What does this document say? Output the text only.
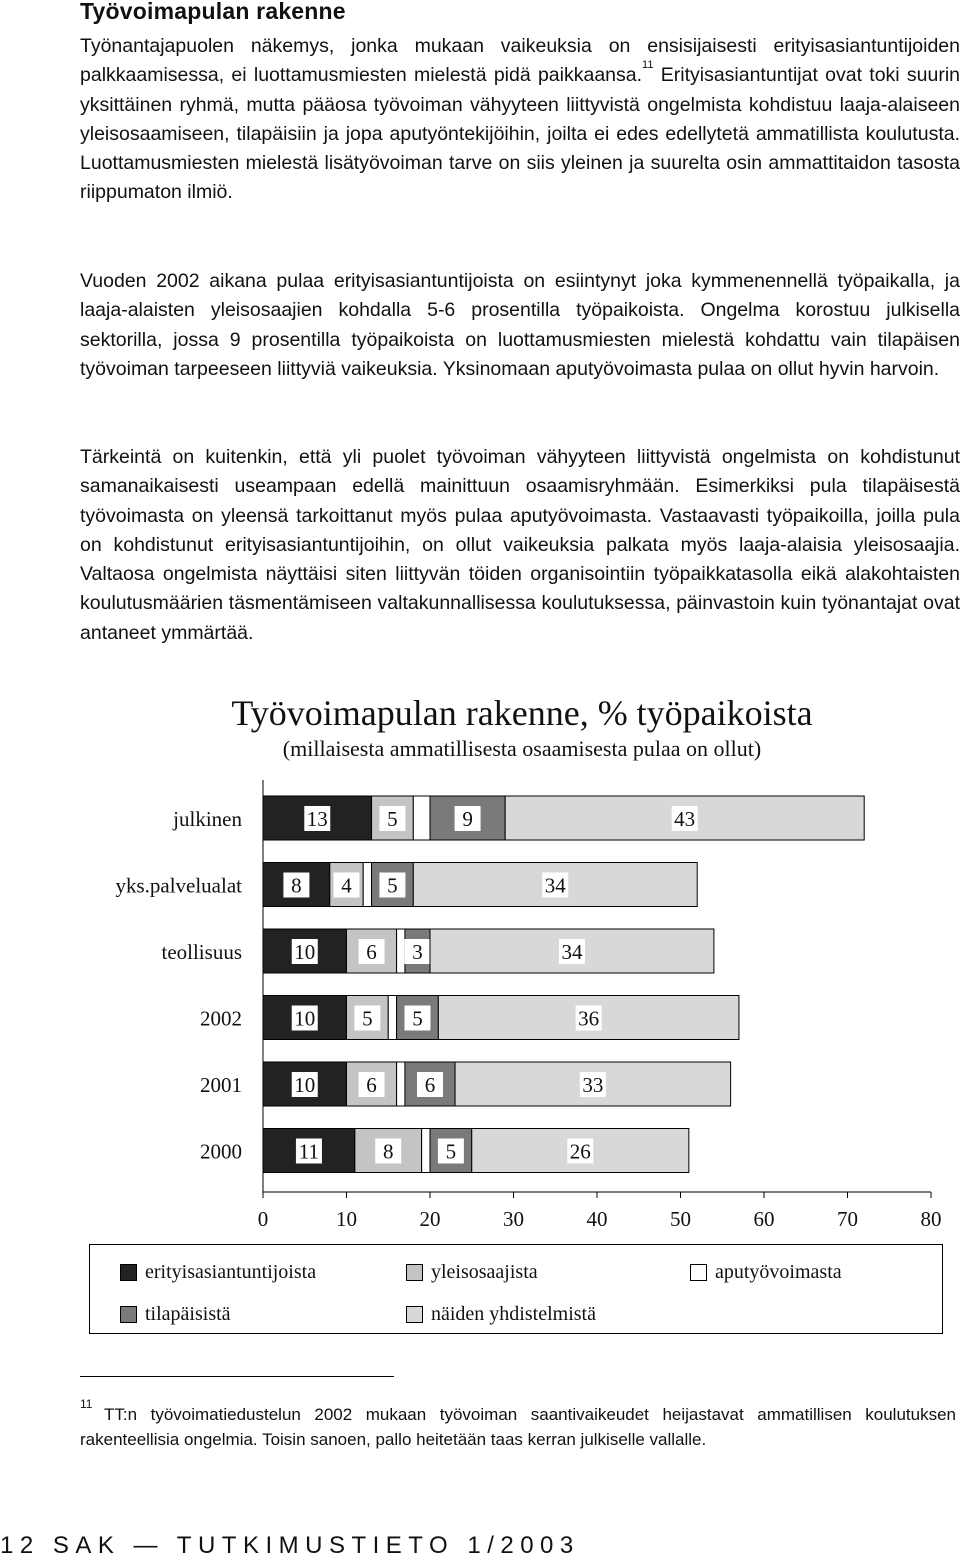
Työvoimapulan rakenne
Työnantajapuolen näkemys, jonka mukaan vaikeuksia on ensisijaisesti erityisasiantuntijoiden palkkaamisessa, ei luottamusmiesten mielestä pidä paikkaansa.$^{11}$ Erityisasiantuntijat ovat toki suurin yksittäinen ryhmä, mutta pääosa työvoiman vähyyteen liittyvistä ongelmista kohdistuu laaja-alaiseen yleisosaamiseen, tilapäisiin ja jopa aputyöntekijöihin, joilta ei edes edellytetä ammatillista koulutusta. Luottamusmiesten mielestä lisätyövoiman tarve on siis yleinen ja suurelta osin ammattitaidon tasosta riippumaton ilmiö.
Vuoden 2002 aikana pulaa erityisasiantuntijoista on esiintynyt joka kymmenennellä työpaikalla, ja laaja-alaisten yleisosaajien kohdalla 5-6 prosentilla työpaikoista. Ongelma korostuu julkisella sektorilla, jossa 9 prosentilla työpaikoista on luottamusmiesten mielestä kohdattu vain tilapäisen työvoiman tarpeeseen liittyviä vaikeuksia. Yksinomaan aputyövoimasta pulaa on ollut hyvin harvoin.
Tärkeintä on kuitenkin, että yli puolet työvoiman vähyyteen liittyvistä ongelmista on kohdistunut samanaikaisesti useampaan edellä mainittuun osaamisryhmään. Esimerkiksi pula tilapäisestä työvoimasta on yleensä tarkoittanut myös pulaa aputyövoimasta. Vastaavasti työpaikoilla, joilla pula on kohdistunut erityisasiantuntijoihin, on ollut vaikeuksia palkata myös laaja-alaisia yleisosaajia. Valtaosa ongelmista näyttäisi siten liittyvän töiden organisointiin työpaikkatasolla eikä alakohtaisten koulutusmäärien täsmentämiseen valtakunnallisessa koulutuksessa, päinvastoin kuin työnantajat ovat antaneet ymmärtää.
Työvoimapulan rakenne, % työpaikoista
(millaisesta ammatillisesta osaamisesta pulaa on ollut)
julkinen	13	5	9	43
yks.palvelualat 8 4 5	34
teollisuus 10 6 3	34
2002 10 5 5	36
2001 10 6 6	33
2000	11	8 5	26
0	10	20	30	40	50	60	70	80
erityisasiantuntijoista	yleisosaajista	aputyövoimasta
tilapäisistä	näiden yhdistelmistä
11
TT:n työvoimatiedustelun 2002 mukaan työvoiman saantivaikeudet heijastavat ammatillisen koulutuksen rakenteellisia ongelmia. Toisin sanoen, pallo heitetään taas kerran julkiselle vallalle.
12 SAK — TUTKIMUSTIETO 1/2003
